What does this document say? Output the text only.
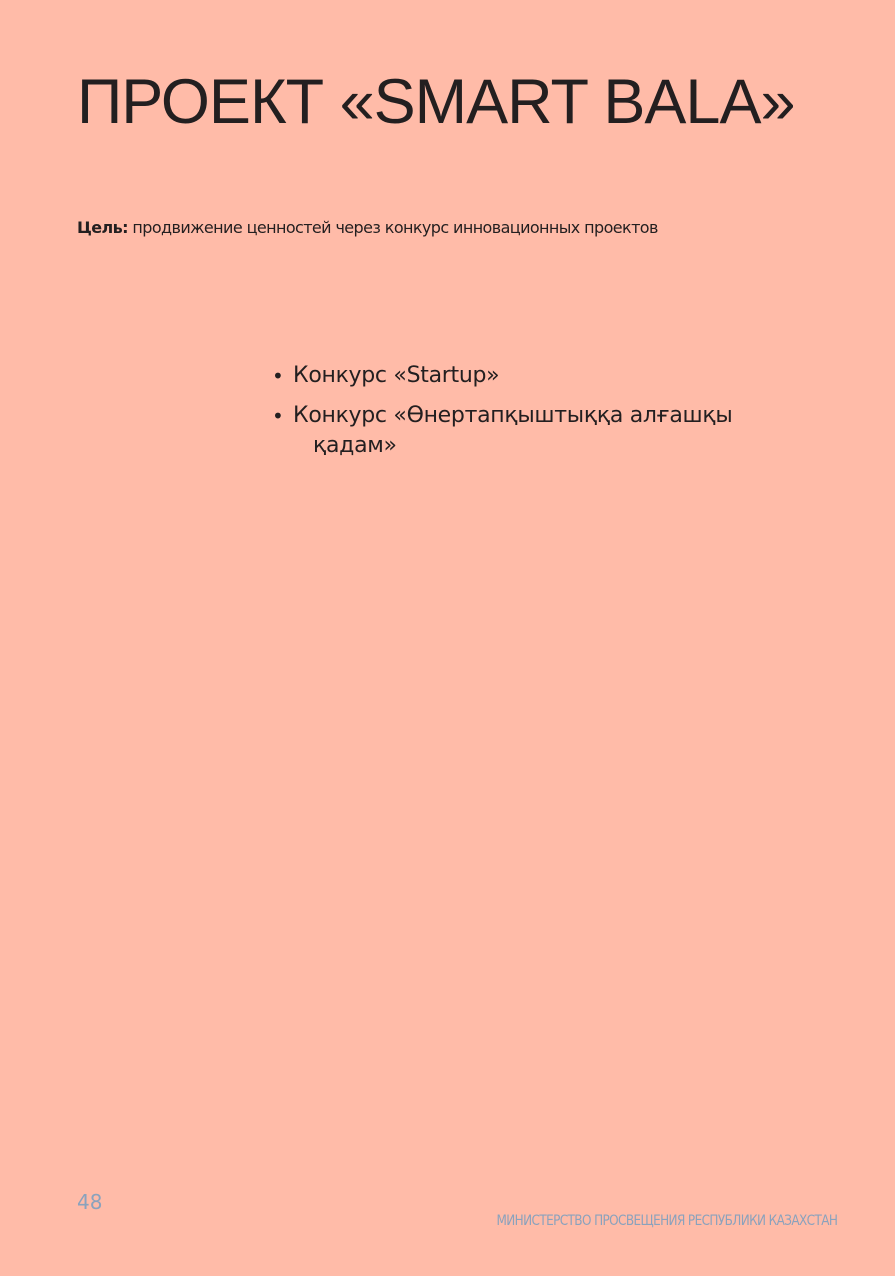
ПРОЕКТ «SMART BALA»

Цель: продвижение ценностей через конкурс инновационных проектов

• Конкурс «Startup»
• Конкурс «Өнертапқыштыққа алғашқы қадам»
48
МИНИСТЕРСТВО ПРОСВЕЩЕНИЯ РЕСПУБЛИКИ КАЗАХСТАН
